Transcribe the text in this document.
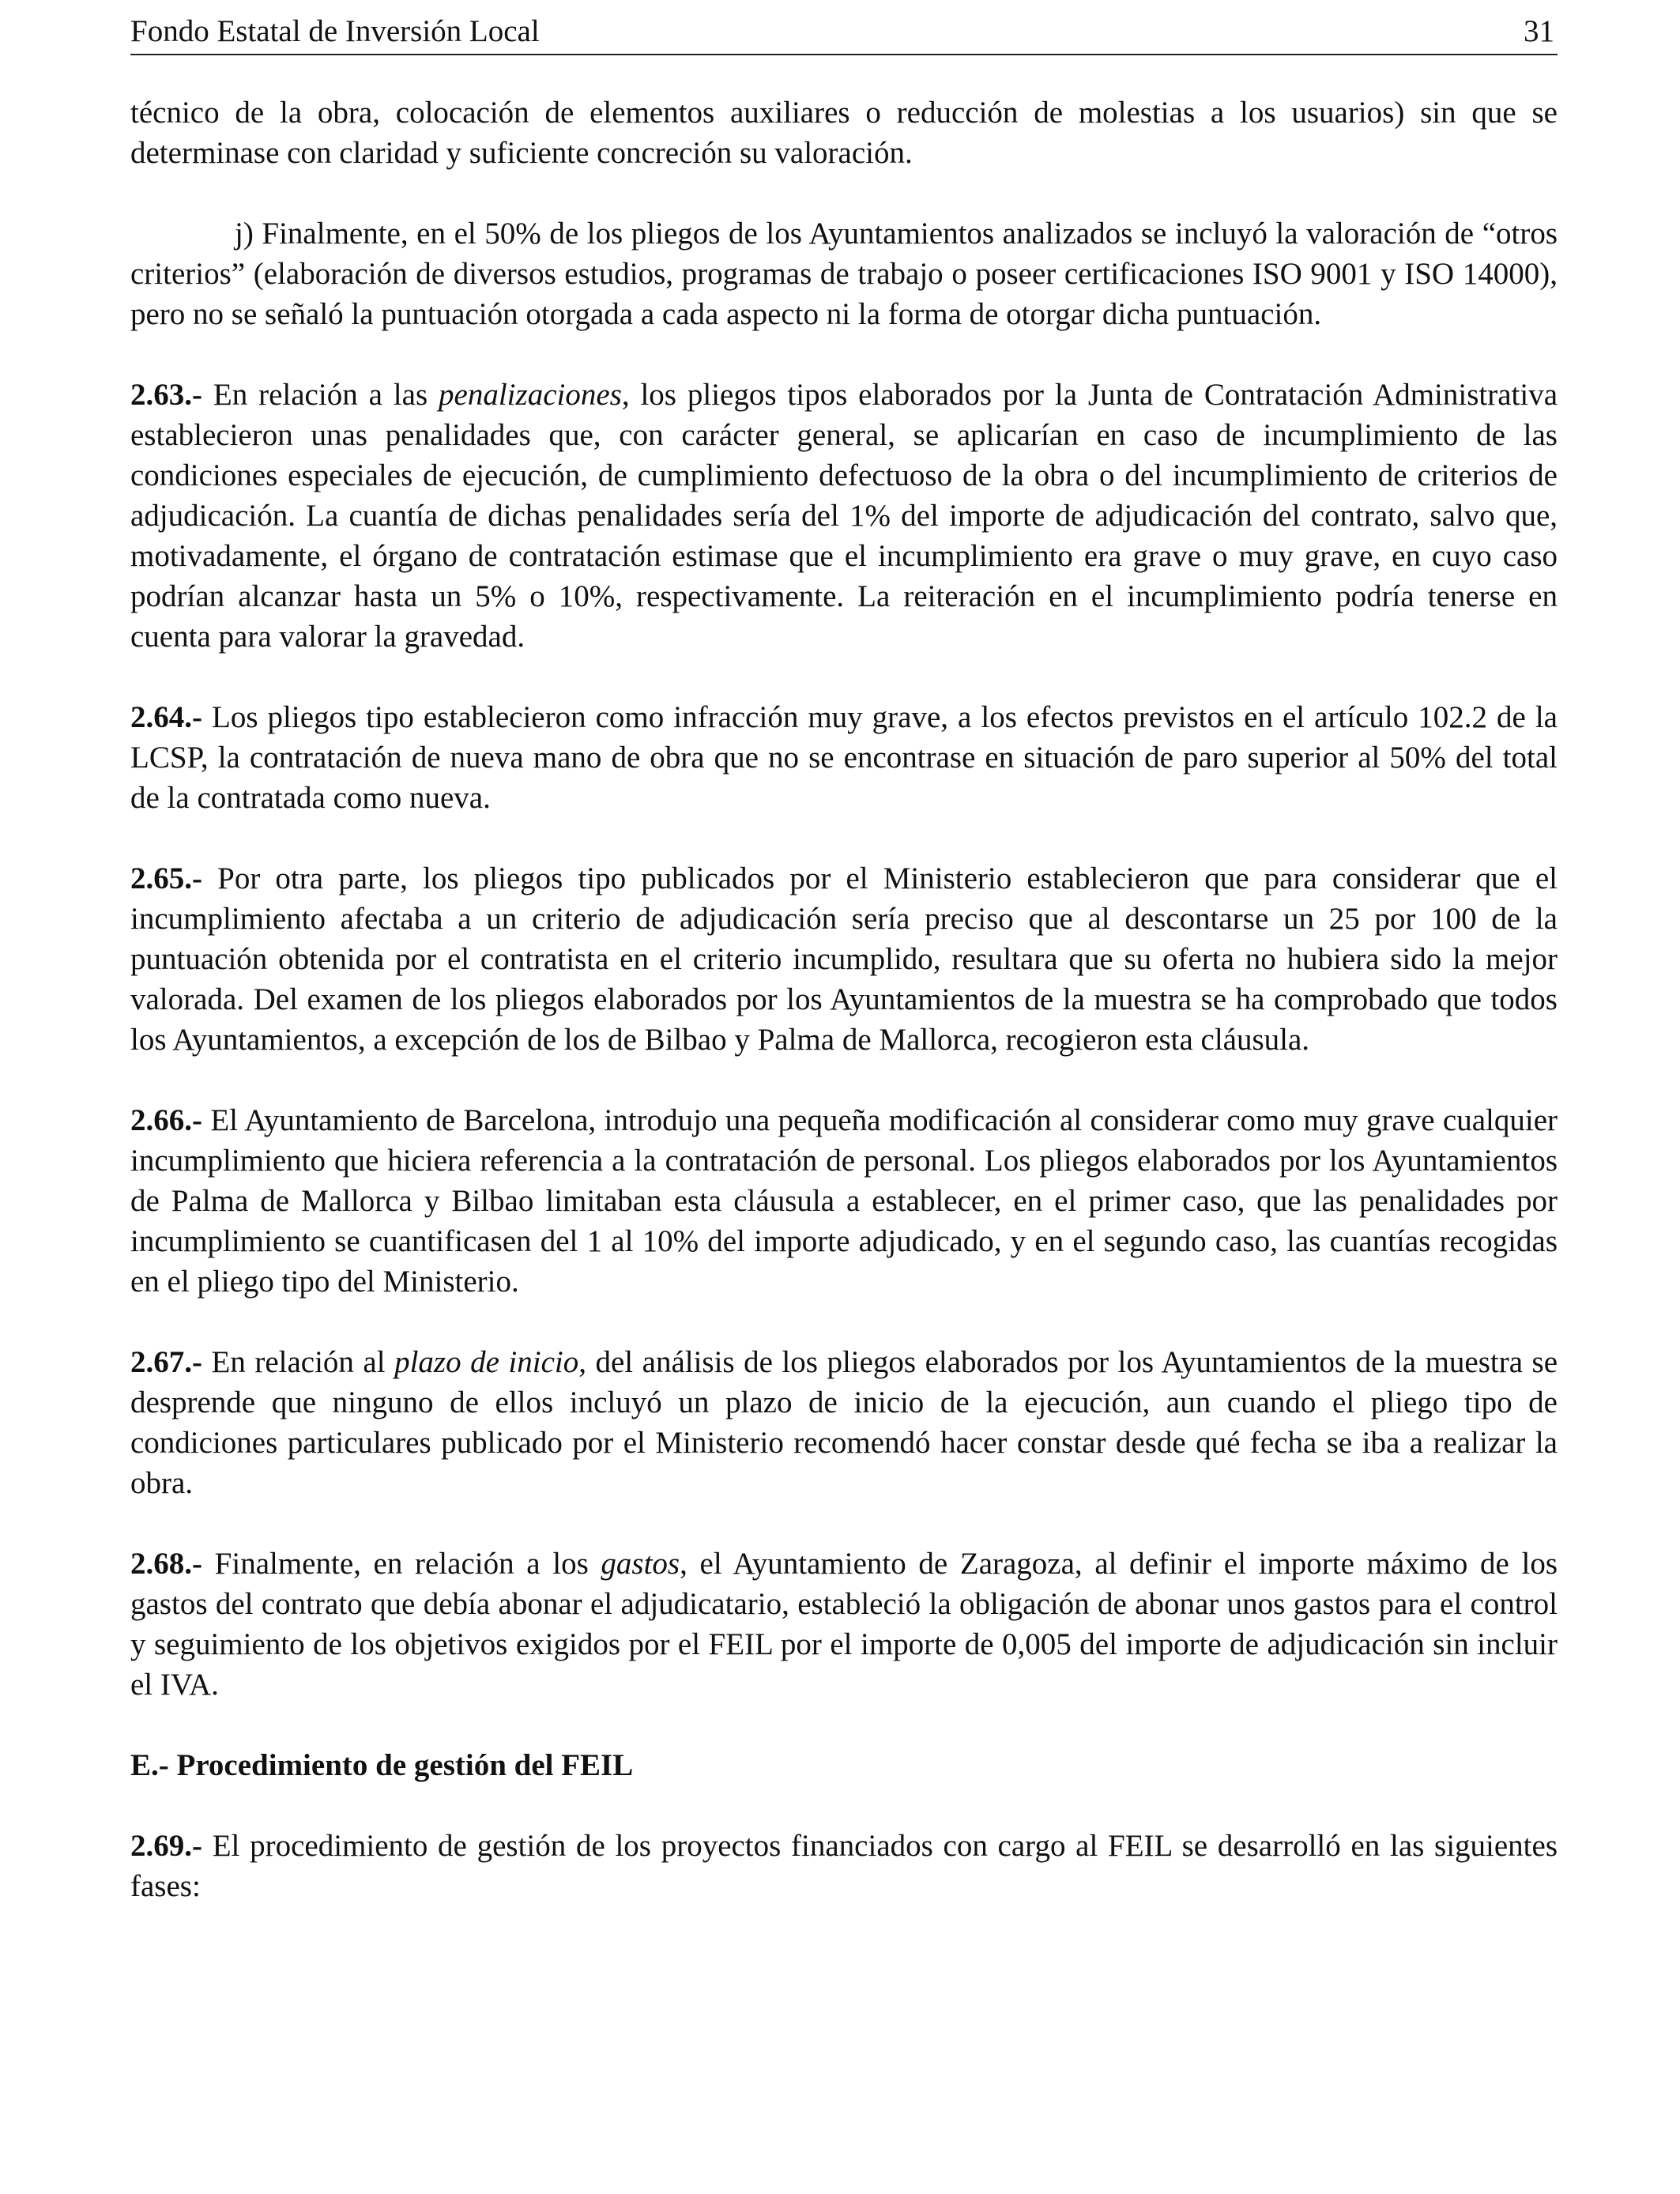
Fondo Estatal de Inversión Local	31

técnico de la obra, colocación de elementos auxiliares o reducción de molestias a los usuarios) sin que se determinase con claridad y suficiente concreción su valoración.

j) Finalmente, en el 50% de los pliegos de los Ayuntamientos analizados se incluyó la valoración de “otros criterios” (elaboración de diversos estudios, programas de trabajo o poseer certificaciones ISO 9001 y ISO 14000), pero no se señaló la puntuación otorgada a cada aspecto ni la forma de otorgar dicha puntuación.

2.63.- En relación a las penalizaciones, los pliegos tipos elaborados por la Junta de Contratación Administrativa establecieron unas penalidades que, con carácter general, se aplicarían en caso de incumplimiento de las condiciones especiales de ejecución, de cumplimiento defectuoso de la obra o del incumplimiento de criterios de adjudicación. La cuantía de dichas penalidades sería del 1% del importe de adjudicación del contrato, salvo que, motivadamente, el órgano de contratación estimase que el incumplimiento era grave o muy grave, en cuyo caso podrían alcanzar hasta un 5% o 10%, respectivamente. La reiteración en el incumplimiento podría tenerse en cuenta para valorar la gravedad.

2.64.- Los pliegos tipo establecieron como infracción muy grave, a los efectos previstos en el artículo 102.2 de la LCSP, la contratación de nueva mano de obra que no se encontrase en situación de paro superior al 50% del total de la contratada como nueva.

2.65.- Por otra parte, los pliegos tipo publicados por el Ministerio establecieron que para considerar que el incumplimiento afectaba a un criterio de adjudicación sería preciso que al descontarse un 25 por 100 de la puntuación obtenida por el contratista en el criterio incumplido, resultara que su oferta no hubiera sido la mejor valorada. Del examen de los pliegos elaborados por los Ayuntamientos de la muestra se ha comprobado que todos los Ayuntamientos, a excepción de los de Bilbao y Palma de Mallorca, recogieron esta cláusula.

2.66.- El Ayuntamiento de Barcelona, introdujo una pequeña modificación al considerar como muy grave cualquier incumplimiento que hiciera referencia a la contratación de personal. Los pliegos elaborados por los Ayuntamientos de Palma de Mallorca y Bilbao limitaban esta cláusula a establecer, en el primer caso, que las penalidades por incumplimiento se cuantificasen del 1 al 10% del importe adjudicado, y en el segundo caso, las cuantías recogidas en el pliego tipo del Ministerio.

2.67.- En relación al plazo de inicio, del análisis de los pliegos elaborados por los Ayuntamientos de la muestra se desprende que ninguno de ellos incluyó un plazo de inicio de la ejecución, aun cuando el pliego tipo de condiciones particulares publicado por el Ministerio recomendó hacer constar desde qué fecha se iba a realizar la obra.

2.68.- Finalmente, en relación a los gastos, el Ayuntamiento de Zaragoza, al definir el importe máximo de los gastos del contrato que debía abonar el adjudicatario, estableció la obligación de abonar unos gastos para el control y seguimiento de los objetivos exigidos por el FEIL por el importe de 0,005 del importe de adjudicación sin incluir el IVA.

E.- Procedimiento de gestión del FEIL

2.69.- El procedimiento de gestión de los proyectos financiados con cargo al FEIL se desarrolló en las siguientes fases:
